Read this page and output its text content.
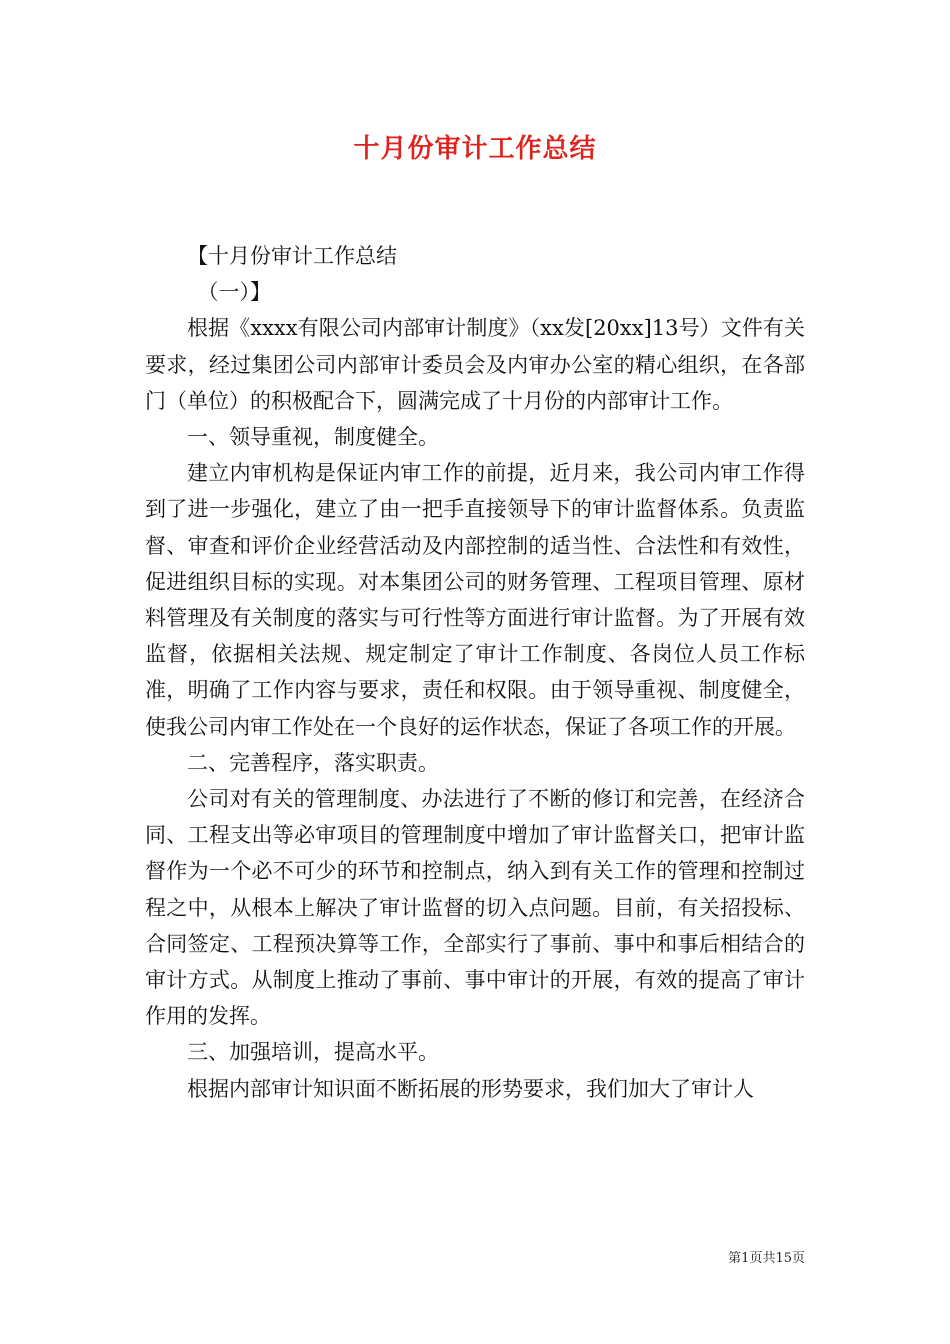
十月份审计工作总结

【十月份审计工作总结

（一）】

根据《xxxx有限公司内部审计制度》（xx发[20xx]13号）文件有关要求，经过集团公司内部审计委员会及内审办公室的精心组织，在各部门（单位）的积极配合下，圆满完成了十月份的内部审计工作。

一、领导重视，制度健全。

建立内审机构是保证内审工作的前提，近月来，我公司内审工作得到了进一步强化，建立了由一把手直接领导下的审计监督体系。负责监督、审查和评价企业经营活动及内部控制的适当性、合法性和有效性，促进组织目标的实现。对本集团公司的财务管理、工程项目管理、原材料管理及有关制度的落实与可行性等方面进行审计监督。为了开展有效监督，依据相关法规、规定制定了审计工作制度、各岗位人员工作标准，明确了工作内容与要求，责任和权限。由于领导重视、制度健全，使我公司内审工作处在一个良好的运作状态，保证了各项工作的开展。

二、完善程序，落实职责。

公司对有关的管理制度、办法进行了不断的修订和完善，在经济合同、工程支出等必审项目的管理制度中增加了审计监督关口，把审计监督作为一个必不可少的环节和控制点，纳入到有关工作的管理和控制过程之中，从根本上解决了审计监督的切入点问题。目前，有关招投标、合同签定、工程预决算等工作，全部实行了事前、事中和事后相结合的审计方式。从制度上推动了事前、事中审计的开展，有效的提高了审计作用的发挥。

三、加强培训，提高水平。

根据内部审计知识面不断拓展的形势要求，我们加大了审计人

第1页共15页
